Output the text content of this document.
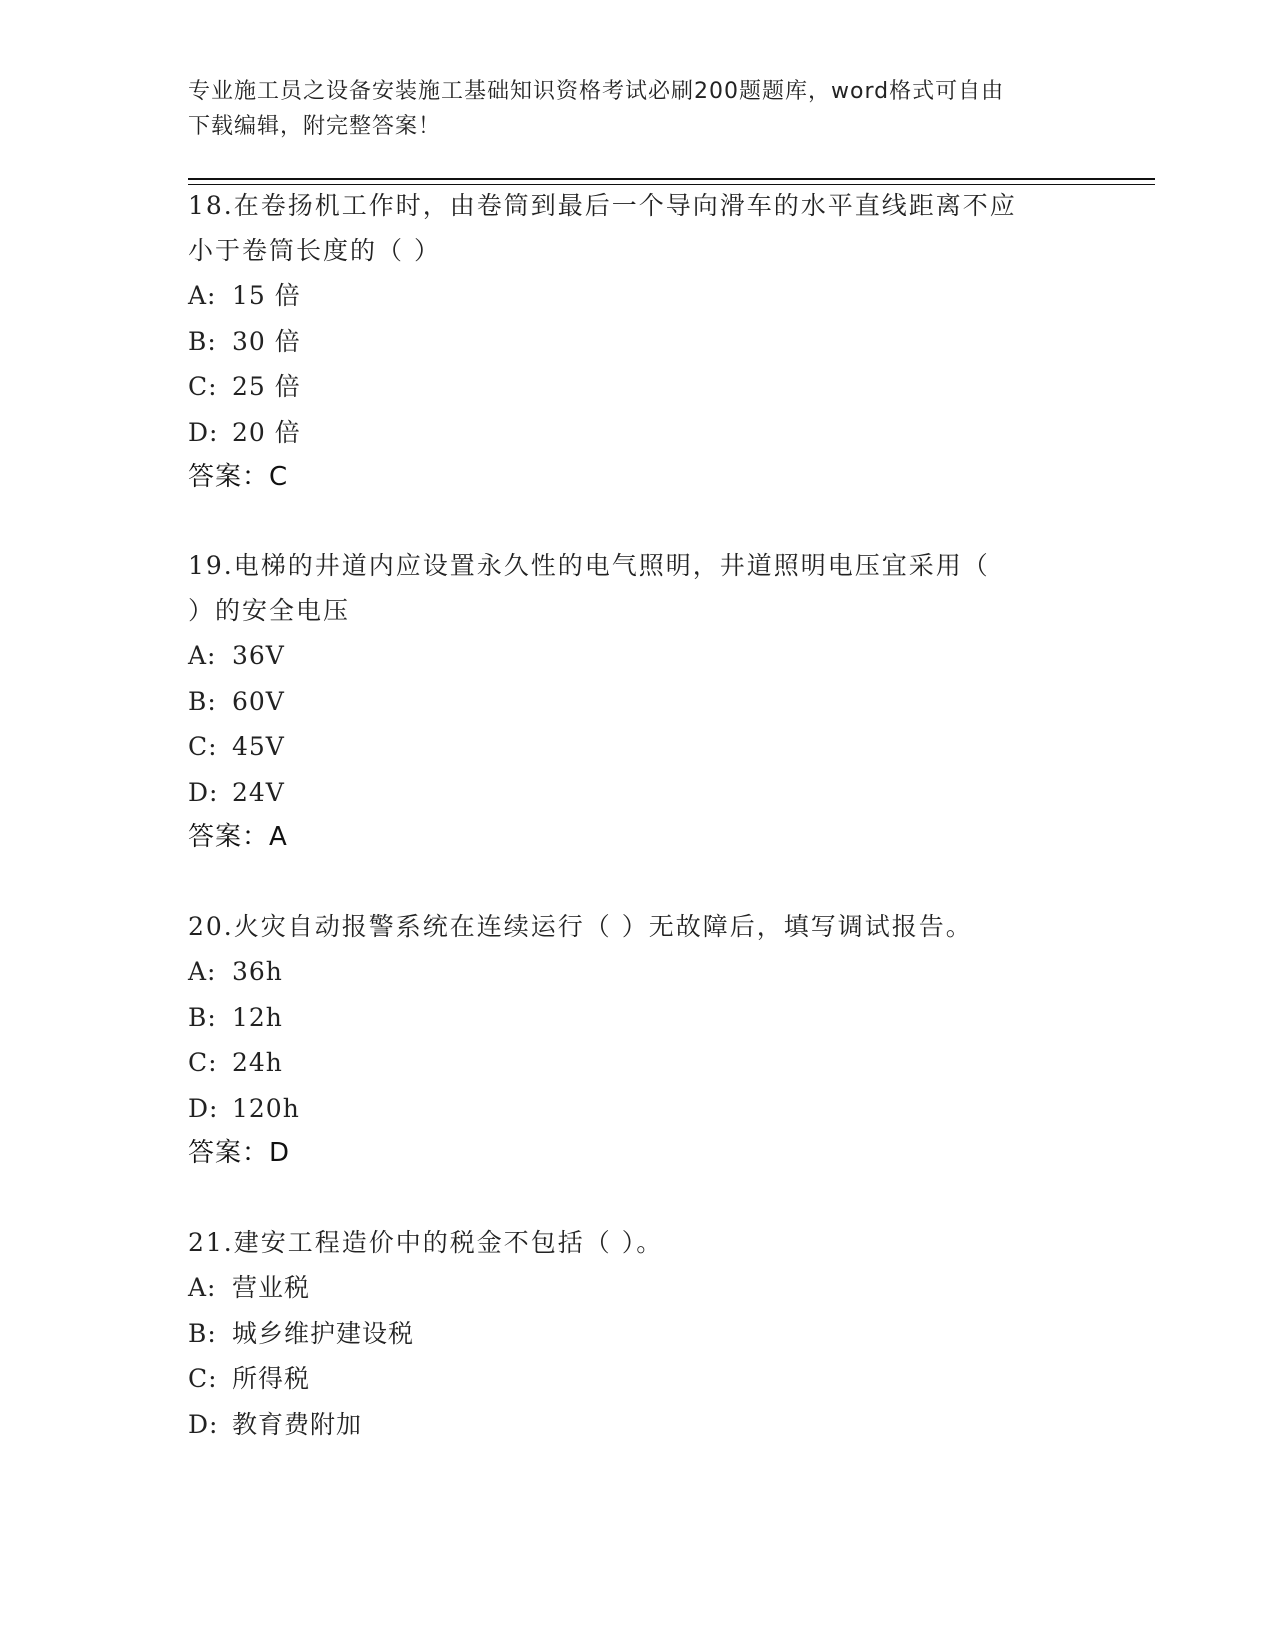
专业施工员之设备安装施工基础知识资格考试必刷200题题库，word格式可自由
下载编辑，附完整答案！

18.在卷扬机工作时，由卷筒到最后一个导向滑车的水平直线距离不应

小于卷筒长度的（ ）

A: 15 倍

B: 30 倍

C: 25 倍

D: 20 倍

答案：C

19.电梯的井道内应设置永久性的电气照明，井道照明电压宜采用（

）的安全电压

A: 36V

B: 60V

C: 45V

D: 24V

答案：A

20.火灾自动报警系统在连续运行（ ）无故障后，填写调试报告。

A: 36h

B: 12h

C: 24h

D: 120h

答案：D

21.建安工程造价中的税金不包括（ ）。

A: 营业税

B: 城乡维护建设税

C: 所得税

D: 教育费附加
